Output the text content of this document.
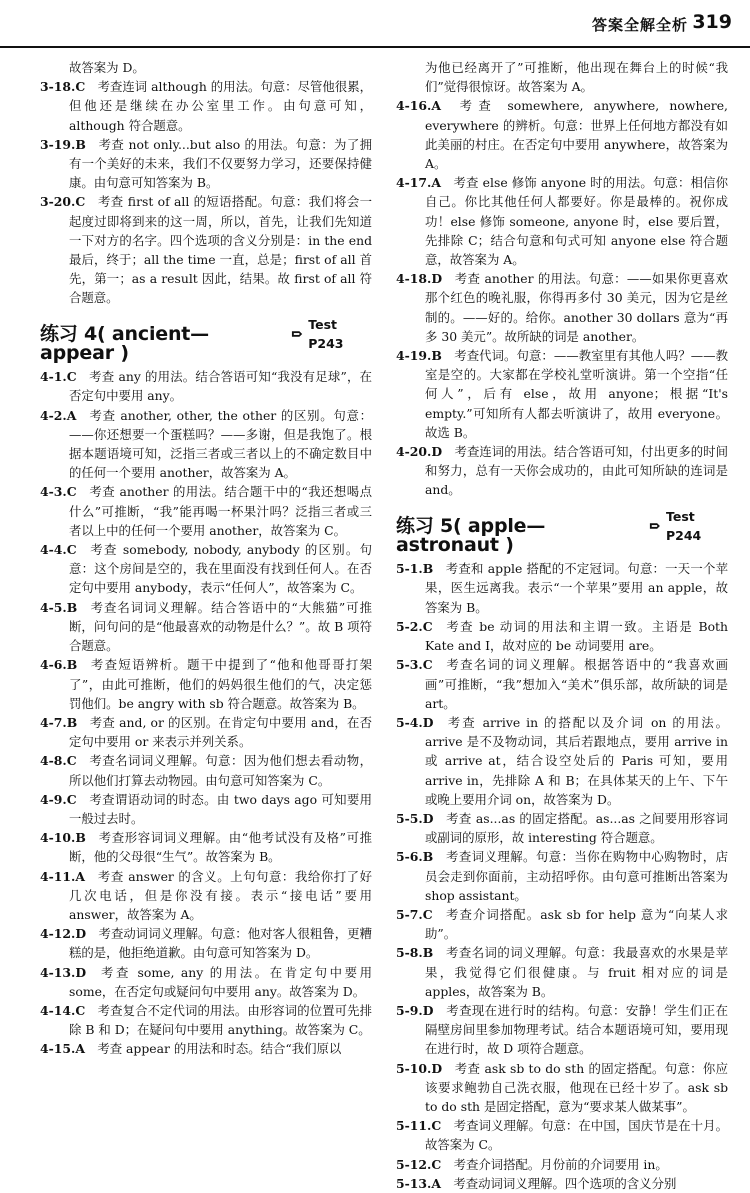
答案全解全析 319

故答案为 D。

3-18.C  考查连词 although 的用法。句意：尽管他很累，但他还是继续在办公室里工作。由句意可知，although 符合题意。

3-19.B  考查 not only...but also 的用法。句意：为了拥有一个美好的未来，我们不仅要努力学习，还要保持健康。由句意可知答案为 B。

3-20.C  考查 first of all 的短语搭配。句意：我们将会一起度过即将到来的这一周，所以，首先，让我们先知道一下对方的名字。四个选项的含义分别是：in the end 最后，终于；all the time 一直，总是；first of all 首先，第一；as a result 因此，结果。故 first of all 符合题意。

练习 4( ancient—appear )
Test P243

4-1.C  考查 any 的用法。结合答语可知“我没有足球”，在否定句中要用 any。

4-2.A  考查 another, other, the other 的区别。句意：——你还想要一个蛋糕吗？——多谢，但是我饱了。根据本题语境可知，泛指三者或三者以上的不确定数目中的任何一个要用 another，故答案为 A。

4-3.C  考查 another 的用法。结合题干中的“我还想喝点什么”可推断，“我”能再喝一杯果汁吗？泛指三者或三者以上中的任何一个要用 another，故答案为 C。

4-4.C  考查 somebody, nobody, anybody 的区别。句意：这个房间是空的，我在里面没有找到任何人。在否定句中要用 anybody，表示“任何人”，故答案为 C。

4-5.B  考查名词词义理解。结合答语中的“大熊猫”可推断，问句问的是“他最喜欢的动物是什么？”。故 B 项符合题意。

4-6.B  考查短语辨析。题干中提到了“他和他哥哥打架了”，由此可推断，他们的妈妈很生他们的气，决定惩罚他们。be angry with sb 符合题意。故答案为 B。

4-7.B  考查 and, or 的区别。在肯定句中要用 and，在否定句中要用 or 来表示并列关系。

4-8.C  考查名词词义理解。句意：因为他们想去看动物，所以他们打算去动物园。由句意可知答案为 C。

4-9.C  考查谓语动词的时态。由 two days ago 可知要用一般过去时。

4-10.B  考查形容词词义理解。由“他考试没有及格”可推断，他的父母很“生气”。故答案为 B。

4-11.A  考查 answer 的含义。上句句意：我给你打了好几次电话，但是你没有接。表示“接电话”要用 answer，故答案为 A。

4-12.D  考查动词词义理解。句意：他对客人很粗鲁，更糟糕的是，他拒绝道歉。由句意可知答案为 D。

4-13.D  考查 some, any 的用法。在肯定句中要用 some，在否定句或疑问句中要用 any。故答案为 D。

4-14.C  考查复合不定代词的用法。由形容词的位置可先排除 B 和 D；在疑问句中要用 anything。故答案为 C。

4-15.A  考查 appear 的用法和时态。结合“我们原以

为他已经离开了”可推断，他出现在舞台上的时候“我们”觉得很惊讶。故答案为 A。

4-16.A  考查 somewhere, anywhere, nowhere, everywhere 的辨析。句意：世界上任何地方都没有如此美丽的村庄。在否定句中要用 anywhere，故答案为 A。

4-17.A  考查 else 修饰 anyone 时的用法。句意：相信你自己。你比其他任何人都要好。你是最棒的。祝你成功！else 修饰 someone, anyone 时，else 要后置，先排除 C；结合句意和句式可知 anyone else 符合题意，故答案为 A。

4-18.D  考查 another 的用法。句意：——如果你更喜欢那个红色的晚礼服，你得再多付 30 美元，因为它是丝制的。——好的。给你。another 30 dollars 意为“再多 30 美元”。故所缺的词是 another。

4-19.B  考查代词。句意：——教室里有其他人吗？——教室是空的。大家都在学校礼堂听演讲。第一个空指“任何人”，后有 else，故用 anyone；根据“It's empty.”可知所有人都去听演讲了，故用 everyone。故选 B。

4-20.D  考查连词的用法。结合答语可知，付出更多的时间和努力，总有一天你会成功的，由此可知所缺的连词是 and。

练习 5( apple—astronaut )
Test P244

5-1.B  考查和 apple 搭配的不定冠词。句意：一天一个苹果，医生远离我。表示“一个苹果”要用 an apple，故答案为 B。

5-2.C  考查 be 动词的用法和主谓一致。主语是 Both Kate and I，故对应的 be 动词要用 are。

5-3.C  考查名词的词义理解。根据答语中的“我喜欢画画”可推断，“我”想加入“美术”俱乐部，故所缺的词是 art。

5-4.D  考查 arrive in 的搭配以及介词 on 的用法。arrive 是不及物动词，其后若跟地点，要用 arrive in 或 arrive at，结合设空处后的 Paris 可知，要用 arrive in，先排除 A 和 B；在具体某天的上午、下午或晚上要用介词 on，故答案为 D。

5-5.D  考查 as...as 的固定搭配。as...as 之间要用形容词或副词的原形，故 interesting 符合题意。

5-6.B  考查词义理解。句意：当你在购物中心购物时，店员会走到你面前，主动招呼你。由句意可推断出答案为 shop assistant。

5-7.C  考查介词搭配。ask sb for help 意为“向某人求助”。

5-8.B  考查名词的词义理解。句意：我最喜欢的水果是苹果，我觉得它们很健康。与 fruit 相对应的词是 apples，故答案为 B。

5-9.D  考查现在进行时的结构。句意：安静！学生们正在隔壁房间里参加物理考试。结合本题语境可知，要用现在进行时，故 D 项符合题意。

5-10.D  考查 ask sb to do sth 的固定搭配。句意：你应该要求鲍勃自己洗衣服，他现在已经十岁了。ask sb to do sth 是固定搭配，意为“要求某人做某事”。

5-11.C  考查词义理解。句意：在中国，国庆节是在十月。故答案为 C。

5-12.C  考查介词搭配。月份前的介词要用 in。

5-13.A  考查动词词义理解。四个选项的含义分别
